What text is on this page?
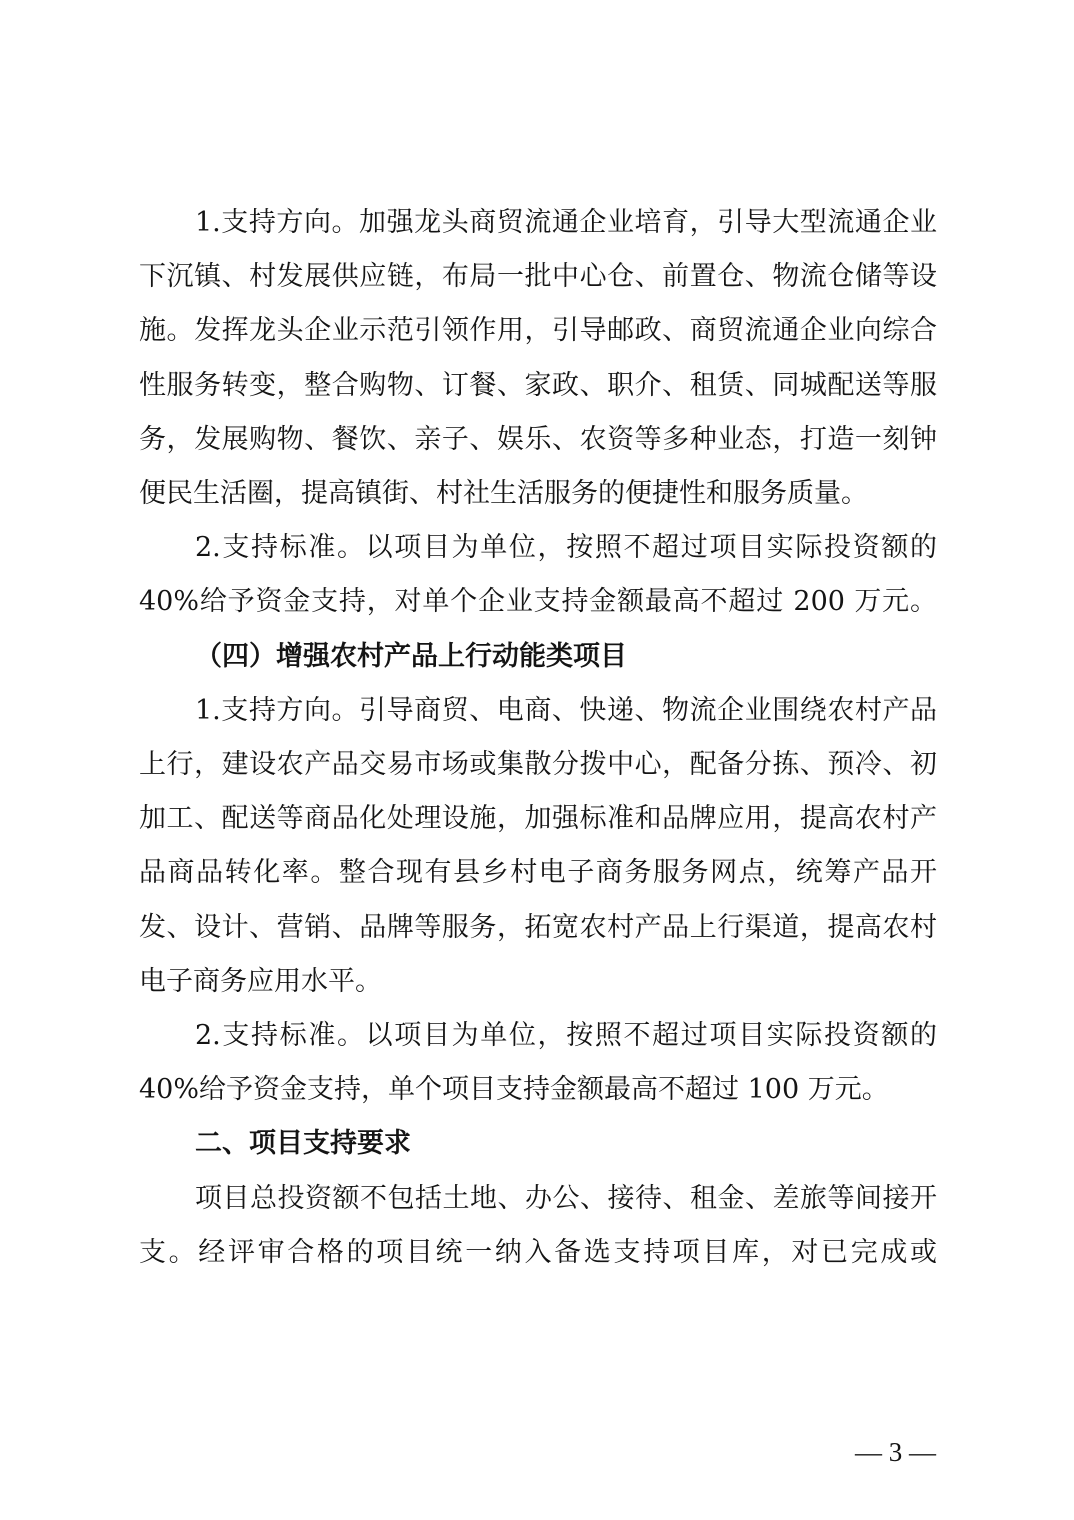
1.支持方向。加强龙头商贸流通企业培育，引导大型流通企业下沉镇、村发展供应链，布局一批中心仓、前置仓、物流仓储等设施。发挥龙头企业示范引领作用，引导邮政、商贸流通企业向综合性服务转变，整合购物、订餐、家政、职介、租赁、同城配送等服务，发展购物、餐饮、亲子、娱乐、农资等多种业态，打造一刻钟便民生活圈，提高镇街、村社生活服务的便捷性和服务质量。

2.支持标准。以项目为单位，按照不超过项目实际投资额的40%给予资金支持，对单个企业支持金额最高不超过 200 万元。

（四）增强农村产品上行动能类项目

1.支持方向。引导商贸、电商、快递、物流企业围绕农村产品上行，建设农产品交易市场或集散分拨中心，配备分拣、预冷、初加工、配送等商品化处理设施，加强标准和品牌应用，提高农村产品商品转化率。整合现有县乡村电子商务服务网点，统筹产品开发、设计、营销、品牌等服务，拓宽农村产品上行渠道，提高农村电子商务应用水平。

2.支持标准。以项目为单位，按照不超过项目实际投资额的40%给予资金支持，单个项目支持金额最高不超过 100 万元。

二、项目支持要求

项目总投资额不包括土地、办公、接待、租金、差旅等间接开支。经评审合格的项目统一纳入备选支持项目库，对已完成或

— 3 —
